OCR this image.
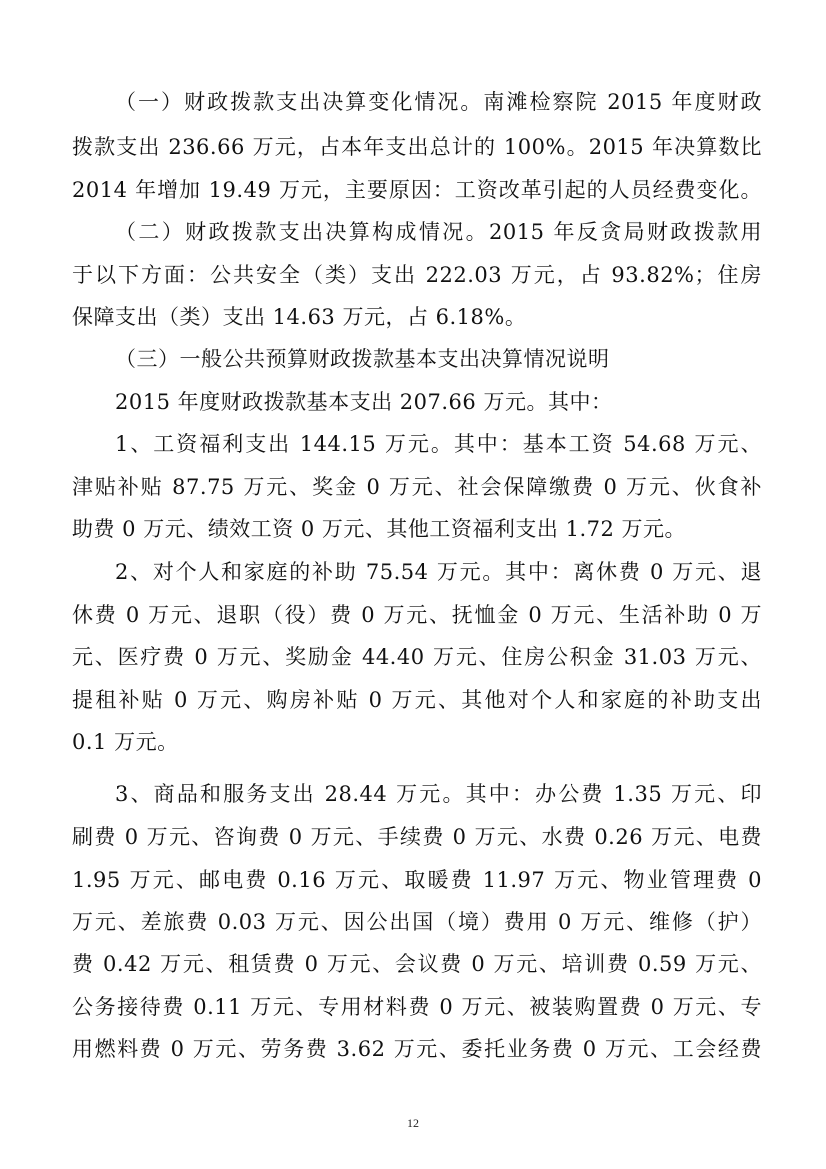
（一）财政拨款支出决算变化情况。南滩检察院 2015 年度财政
拨款支出 236.66 万元，占本年支出总计的 100%。2015 年决算数比
2014 年增加 19.49 万元，主要原因：工资改革引起的人员经费变化。
（二）财政拨款支出决算构成情况。2015 年反贪局财政拨款用
于以下方面：公共安全（类）支出 222.03 万元，占 93.82%；住房
保障支出（类）支出 14.63 万元，占 6.18%。
（三）一般公共预算财政拨款基本支出决算情况说明
2015 年度财政拨款基本支出 207.66 万元。其中：
1、工资福利支出 144.15 万元。其中：基本工资 54.68 万元、
津贴补贴 87.75 万元、奖金 0 万元、社会保障缴费 0 万元、伙食补
助费 0 万元、绩效工资 0 万元、其他工资福利支出 1.72 万元。
2、对个人和家庭的补助 75.54 万元。其中：离休费 0 万元、退
休费 0 万元、退职（役）费 0 万元、抚恤金 0 万元、生活补助 0 万
元、医疗费 0 万元、奖励金 44.40 万元、住房公积金 31.03 万元、
提租补贴 0 万元、购房补贴 0 万元、其他对个人和家庭的补助支出
0.1 万元。
3、商品和服务支出 28.44 万元。其中：办公费 1.35 万元、印
刷费 0 万元、咨询费 0 万元、手续费 0 万元、水费 0.26 万元、电费
1.95 万元、邮电费 0.16 万元、取暖费 11.97 万元、物业管理费 0
万元、差旅费 0.03 万元、因公出国（境）费用 0 万元、维修（护）
费 0.42 万元、租赁费 0 万元、会议费 0 万元、培训费 0.59 万元、
公务接待费 0.11 万元、专用材料费 0 万元、被装购置费 0 万元、专
用燃料费 0 万元、劳务费 3.62 万元、委托业务费 0 万元、工会经费
12
